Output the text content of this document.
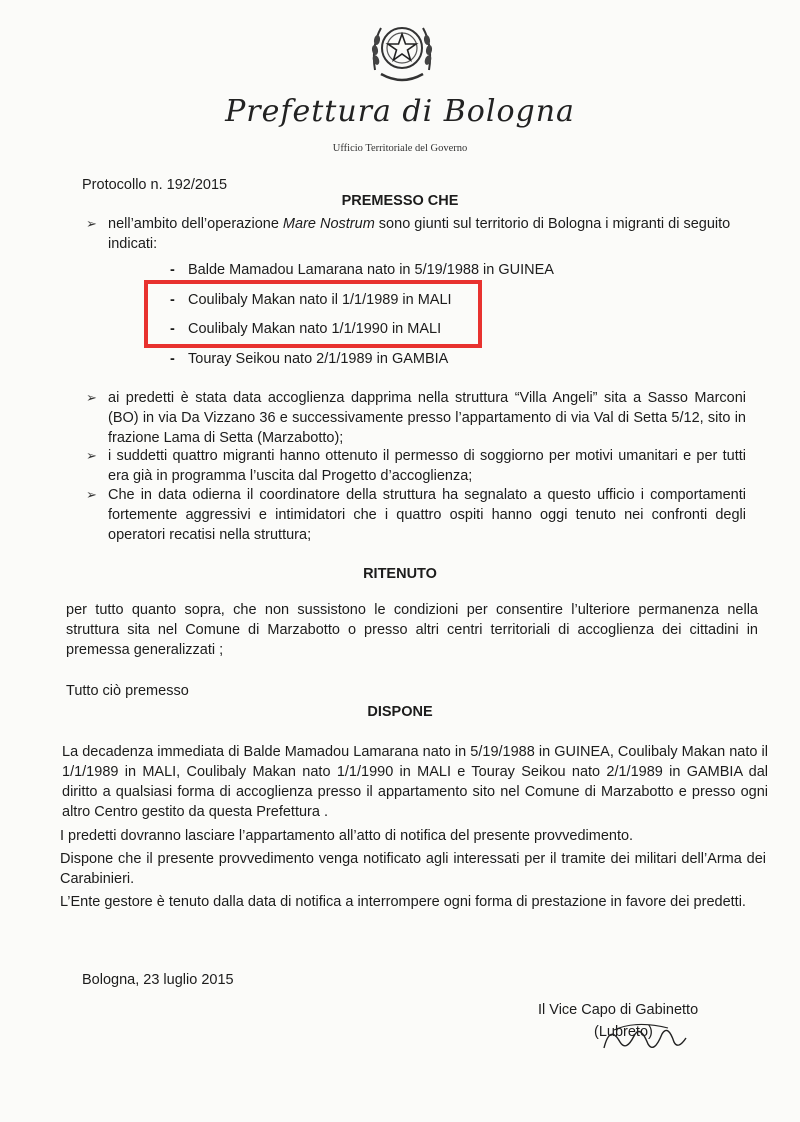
Prefettura di Bologna
Ufficio Territoriale del Governo
Protocollo n. 192/2015
PREMESSO CHE
➢ nell’ambito dell’operazione Mare Nostrum sono giunti sul territorio di Bologna i migranti di seguito indicati:
- Balde Mamadou Lamarana nato in 5/19/1988 in GUINEA
- Coulibaly Makan nato il 1/1/1989 in MALI
- Coulibaly Makan nato 1/1/1990 in MALI
- Touray Seikou nato 2/1/1989 in GAMBIA
➢ ai predetti è stata data accoglienza dapprima nella struttura “Villa Angeli” sita a Sasso Marconi (BO) in via Da Vizzano 36 e successivamente presso l’appartamento di via Val di Setta 5/12, sito in frazione Lama di Setta (Marzabotto);
➢ i suddetti quattro migranti hanno ottenuto il permesso di soggiorno per motivi umanitari e per tutti era già in programma l’uscita dal Progetto d’accoglienza;
➢ Che in data odierna il coordinatore della struttura ha segnalato a questo ufficio i comportamenti fortemente aggressivi e intimidatori che i quattro ospiti hanno oggi tenuto nei confronti degli operatori recatisi nella struttura;
RITENUTO
per tutto quanto sopra, che non sussistono le condizioni per consentire l’ulteriore permanenza nella struttura sita nel Comune di Marzabotto o presso altri centri territoriali di accoglienza dei cittadini in premessa generalizzati ;
Tutto ciò premesso
DISPONE
La decadenza immediata di Balde Mamadou Lamarana nato in 5/19/1988 in GUINEA, Coulibaly Makan nato il 1/1/1989 in MALI, Coulibaly Makan nato 1/1/1990 in MALI e Touray Seikou nato 2/1/1989 in GAMBIA dal diritto a qualsiasi forma di accoglienza presso il appartamento sito nel Comune di Marzabotto e presso ogni altro Centro gestito da questa Prefettura .
I predetti dovranno lasciare l’appartamento all’atto di notifica del presente provvedimento.
Dispone che il presente provvedimento venga notificato agli interessati per il tramite dei militari dell’Arma dei Carabinieri.
L’Ente gestore è tenuto dalla data di notifica a interrompere ogni forma di prestazione in favore dei predetti.
Bologna, 23 luglio 2015
Il Vice Capo di Gabinetto
(Lubreto)
